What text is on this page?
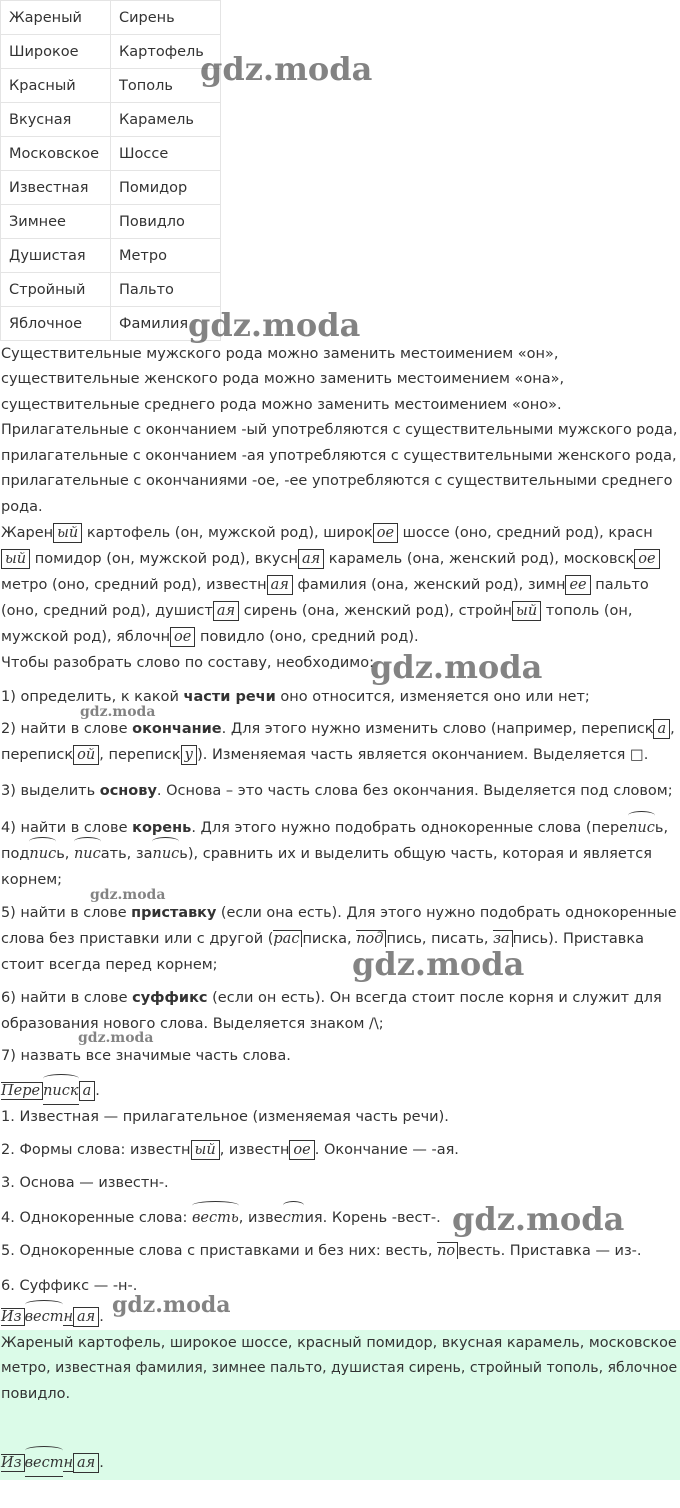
Жареный	Сирень
Широкое	Картофель
Красный	Тополь
Вкусная	Карамель
Московское	Шоссе
Известная	Помидор
Зимнее	Повидло
Душистая	Метро
Стройный	Пальто
Яблочное	Фамилия
gdz.moda
gdz.moda
gdz.moda
gdz.moda
gdz.moda
gdz.moda
gdz.moda
gdz.moda
gdz.moda

Существительные мужского рода можно заменить местоимением «он»,

существительные женского рода можно заменить местоимением «она»,

существительные среднего рода можно заменить местоимением «оно».

Прилагательные с окончанием -ый употребляются с существительными мужского рода,

прилагательные с окончанием -ая употребляются с существительными женского рода,

прилагательные с окончаниями -ое, -ее употребляются с существительными среднего

рода.

Жарен ый картофель (он, мужской род), широк ое шоссе (оно, средний род), красн

ый помидор (он, мужской род), вкусн ая карамель (она, женский род), московск ое

метро (оно, средний род), известн ая фамилия (она, женский род), зимн ее пальто

(оно, средний род), душист ая сирень (она, женский род), стройн ый тополь (он,

мужской род), яблочн ое повидло (оно, средний род).

Чтобы разобрать слово по составу, необходимо:

1) определить, к какой части речи оно относится, изменяется оно или нет;

2) найти в слове окончание. Для этого нужно изменить слово (например, переписк а ,

переписк ой , переписк у ). Изменяемая часть является окончанием. Выделяется □.

3) выделить основу. Основа – это часть слова без окончания. Выделяется под словом;

4) найти в слове корень. Для этого нужно подобрать однокоренные слова (перепись,

подпись, писать, запись), сравнить их и выделить общую часть, которая и является

корнем;

5) найти в слове приставку (если она есть). Для этого нужно подобрать однокоренные

слова без приставки или с другой (рас писка, под пись, писать, за пись). Приставка

стоит всегда перед корнем;

6) найти в слове суффикс (если он есть). Он всегда стоит после корня и служит для

образования нового слова. Выделяется знаком /\;

7) назвать все значимые часть слова.

Пере писк а .

1. Известная — прилагательное (изменяемая часть речи).

2. Формы слова: известн ый , известн ое . Окончание — -ая.

3. Основа — известн-.

4. Однокоренные слова: весть, известия. Корень -вест-.

5. Однокоренные слова с приставками и без них: весть, по весть. Приставка — из-.

6. Суффикс — -н-.

Из вестн ая .

Жареный картофель, широкое шоссе, красный помидор, вкусная карамель, московское

метро, известная фамилия, зимнее пальто, душистая сирень, стройный тополь, яблочное

повидло.

Из вестн ая .
